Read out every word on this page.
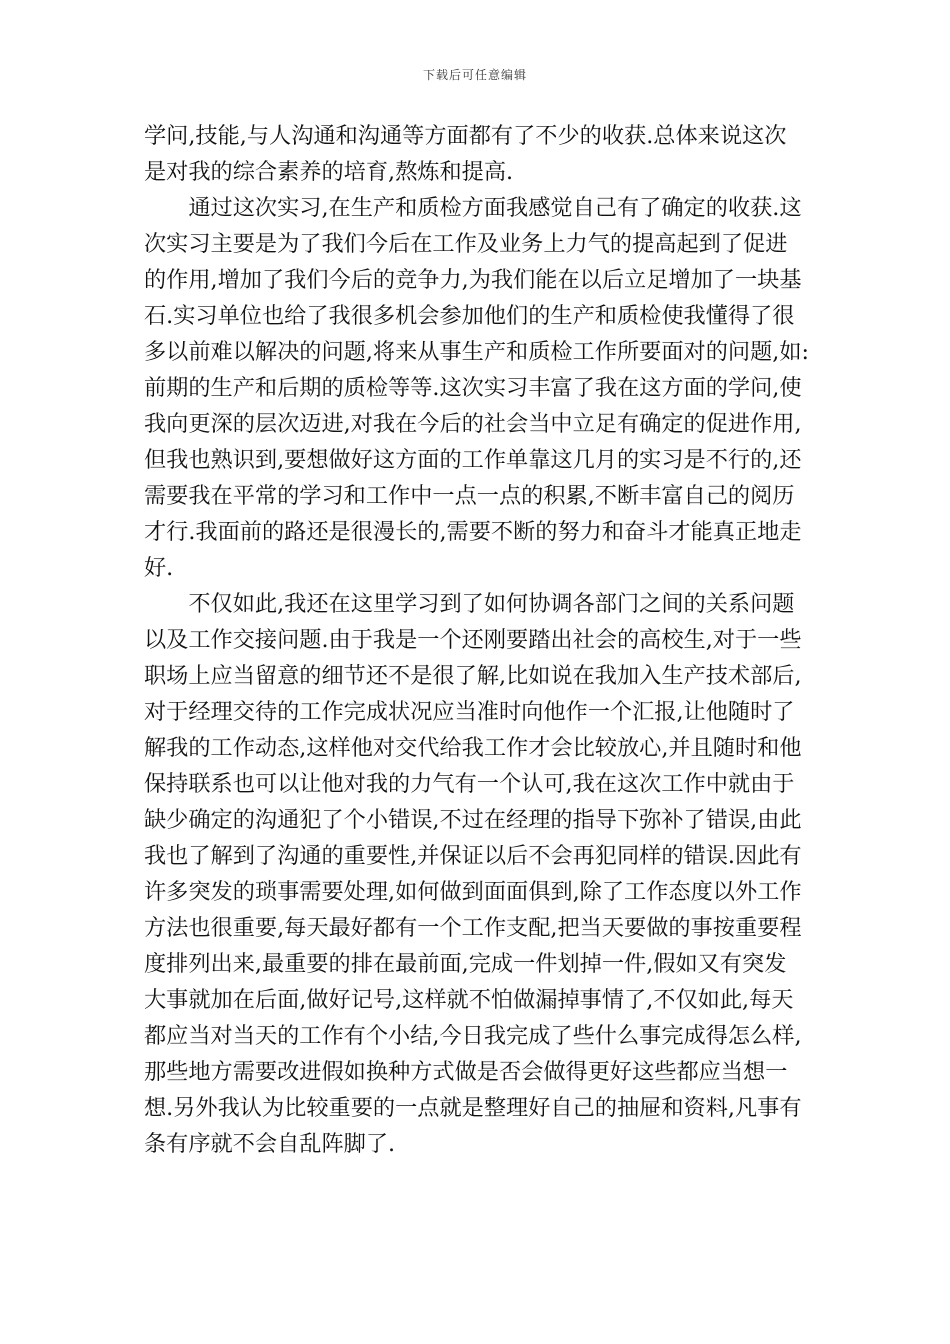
下载后可任意编辑
学问,技能,与人沟通和沟通等方面都有了不少的收获.总体来说这次
是对我的综合素养的培育,熬炼和提高.
　　通过这次实习,在生产和质检方面我感觉自己有了确定的收获.这
次实习主要是为了我们今后在工作及业务上力气的提高起到了促进
的作用,增加了我们今后的竞争力,为我们能在以后立足增加了一块基
石.实习单位也给了我很多机会参加他们的生产和质检使我懂得了很
多以前难以解决的问题,将来从事生产和质检工作所要面对的问题,如:
前期的生产和后期的质检等等.这次实习丰富了我在这方面的学问,使
我向更深的层次迈进,对我在今后的社会当中立足有确定的促进作用,
但我也熟识到,要想做好这方面的工作单靠这几月的实习是不行的,还
需要我在平常的学习和工作中一点一点的积累,不断丰富自己的阅历
才行.我面前的路还是很漫长的,需要不断的努力和奋斗才能真正地走
好.
　　不仅如此,我还在这里学习到了如何协调各部门之间的关系问题
以及工作交接问题.由于我是一个还刚要踏出社会的高校生,对于一些
职场上应当留意的细节还不是很了解,比如说在我加入生产技术部后,
对于经理交待的工作完成状况应当准时向他作一个汇报,让他随时了
解我的工作动态,这样他对交代给我工作才会比较放心,并且随时和他
保持联系也可以让他对我的力气有一个认可,我在这次工作中就由于
缺少确定的沟通犯了个小错误,不过在经理的指导下弥补了错误,由此
我也了解到了沟通的重要性,并保证以后不会再犯同样的错误.因此有
许多突发的琐事需要处理,如何做到面面俱到,除了工作态度以外工作
方法也很重要,每天最好都有一个工作支配,把当天要做的事按重要程
度排列出来,最重要的排在最前面,完成一件划掉一件,假如又有突发
大事就加在后面,做好记号,这样就不怕做漏掉事情了,不仅如此,每天
都应当对当天的工作有个小结,今日我完成了些什么事完成得怎么样,
那些地方需要改进假如换种方式做是否会做得更好这些都应当想一
想.另外我认为比较重要的一点就是整理好自己的抽屉和资料,凡事有
条有序就不会自乱阵脚了.
